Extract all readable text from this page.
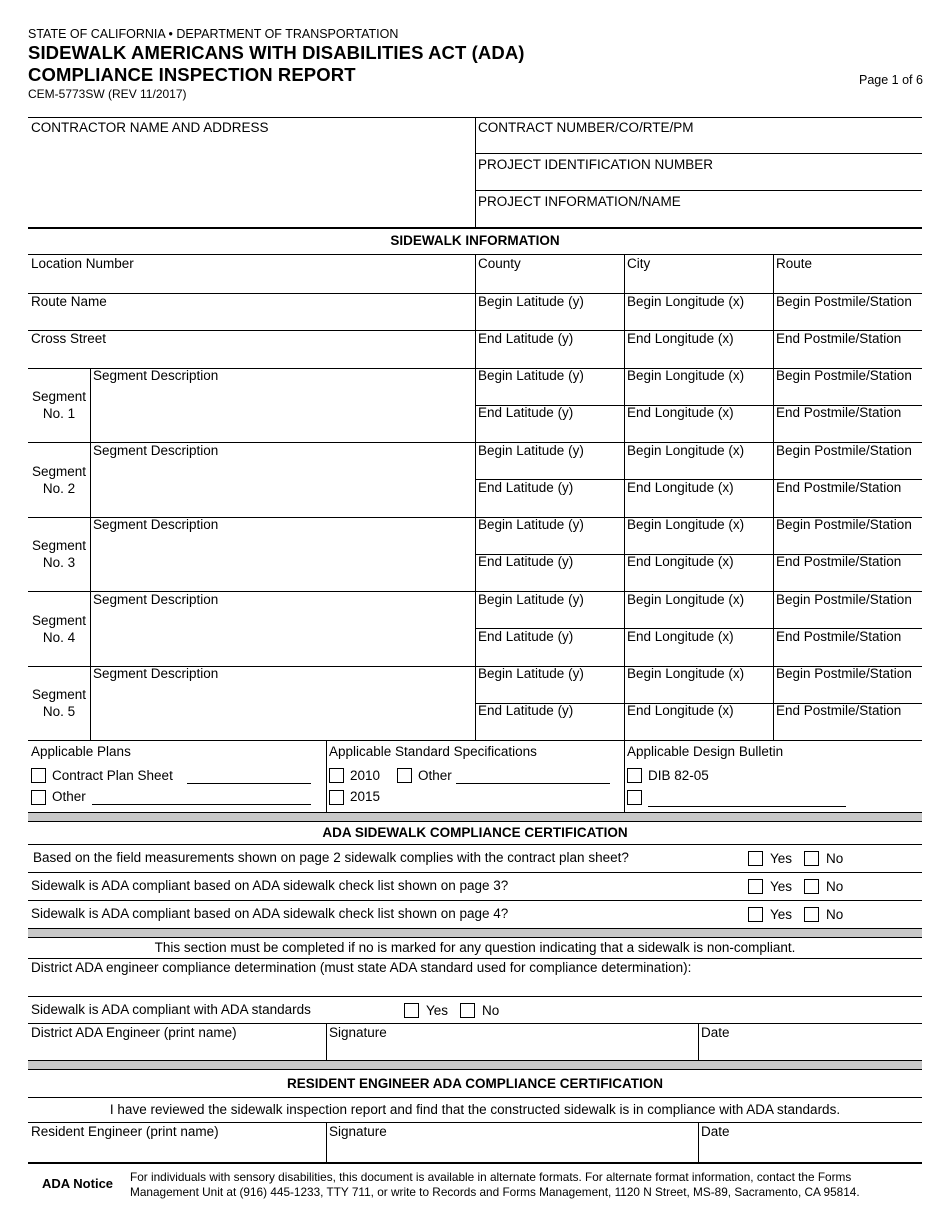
STATE OF CALIFORNIA • DEPARTMENT OF TRANSPORTATION
SIDEWALK AMERICANS WITH DISABILITIES ACT (ADA)
COMPLIANCE INSPECTION REPORT
CEM-5773SW (REV 11/2017)
Page 1 of 6
CONTRACTOR NAME AND ADDRESS	CONTRACT NUMBER/CO/RTE/PM
PROJECT IDENTIFICATION NUMBER
PROJECT INFORMATION/NAME
SIDEWALK INFORMATION
Location Number	County	City	Route
Route Name	Begin Latitude (y)	Begin Longitude (x) Begin Postmile/Station
Cross Street	End Latitude (y)	End Longitude (x)	End Postmile/Station
Segment No. 1
Segment Description	Begin Latitude (y)	Begin Longitude (x) Begin Postmile/Station
End Latitude (y)	End Longitude (x)	End Postmile/Station
Segment No. 2
Segment Description	Begin Latitude (y)	Begin Longitude (x) Begin Postmile/Station
End Latitude (y)	End Longitude (x)	End Postmile/Station
Segment No. 3
Segment Description	Begin Latitude (y)	Begin Longitude (x) Begin Postmile/Station
End Latitude (y)	End Longitude (x)	End Postmile/Station
Segment No. 4
Segment Description	Begin Latitude (y)	Begin Longitude (x) Begin Postmile/Station
End Latitude (y)	End Longitude (x)	End Postmile/Station
Segment No. 5
Segment Description	Begin Latitude (y)	Begin Longitude (x) Begin Postmile/Station
End Latitude (y)	End Longitude (x)	End Postmile/Station
Applicable Plans
Contract Plan Sheet
Other
Applicable Standard Specifications
2010	Other
2015
Applicable Design Bulletin
DIB 82-05
ADA SIDEWALK COMPLIANCE CERTIFICATION
Based on the field measurements shown on page 2 sidewalk complies with the contract plan sheet?	Yes	No
Sidewalk is ADA compliant based on ADA sidewalk check list shown on page 3?	Yes	No
Sidewalk is ADA compliant based on ADA sidewalk check list shown on page 4?	Yes	No
This section must be completed if no is marked for any question indicating that a sidewalk is non-compliant.
District ADA engineer compliance determination (must state ADA standard used for compliance determination):
Sidewalk is ADA compliant with ADA standards	Yes	No
District ADA Engineer (print name)	Signature	Date
RESIDENT ENGINEER ADA COMPLIANCE CERTIFICATION
I have reviewed the sidewalk inspection report and find that the constructed sidewalk is in compliance with ADA standards.
Resident Engineer (print name)	Signature	Date
ADA Notice For individuals with sensory disabilities, this document is available in alternate formats. For alternate format information, contact the Forms
Management Unit at (916) 445-1233, TTY 711, or write to Records and Forms Management, 1120 N Street, MS-89, Sacramento, CA 95814.
